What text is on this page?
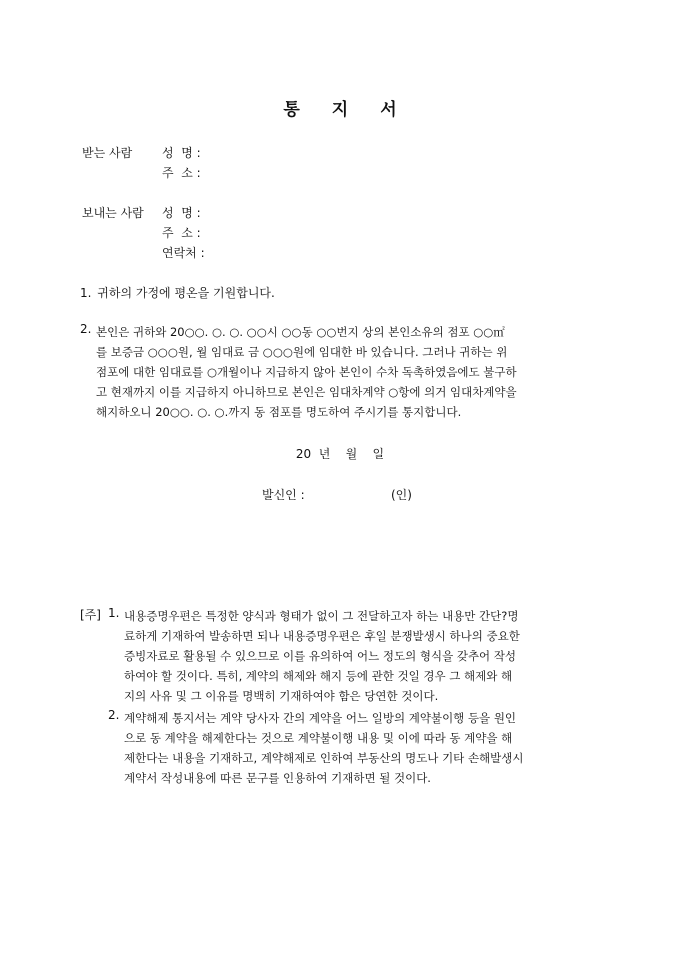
통 지 서
받는 사람 성  명 :
주  소 :
보내는 사람 성  명 :
주  소 :
연락처 :
1. 귀하의 가정에 평온을 기원합니다.
2. 본인은 귀하와 20○○. ○. ○. ○○시 ○○동 ○○번지 상의 본인소유의 점포 ○○㎡
를 보증금 ○○○원, 월 임대료 금 ○○○원에 임대한 바 있습니다. 그러나 귀하는 위
점포에 대한 임대료를 ○개월이나 지급하지 않아 본인이 수차 독촉하였음에도 불구하
고 현재까지 이를 지급하지 아니하므로 본인은 임대차계약 ○항에 의거 임대차계약을
해지하오니 20○○. ○. ○.까지 동 점포를 명도하여 주시기를 통지합니다.
20  년    월    일
발신인 :	(인)
[주] 1. 내용증명우편은 특정한 양식과 형태가 없이 그 전달하고자 하는 내용만 간단?명
료하게 기재하여 발송하면 되나 내용증명우편은 후일 분쟁발생시 하나의 중요한
증빙자료로 활용될 수 있으므로 이를 유의하여 어느 정도의 형식을 갖추어 작성
하여야 할 것이다. 특히, 계약의 해제와 해지 등에 관한 것일 경우 그 해제와 해
지의 사유 및 그 이유를 명백히 기재하여야 함은 당연한 것이다.
2. 계약해제 통지서는 계약 당사자 간의 계약을 어느 일방의 계약불이행 등을 원인
으로 동 계약을 해제한다는 것으로 계약불이행 내용 및 이에 따라 동 계약을 해
제한다는 내용을 기재하고, 계약해제로 인하여 부동산의 명도나 기타 손해발생시
계약서 작성내용에 따른 문구를 인용하여 기재하면 될 것이다.
